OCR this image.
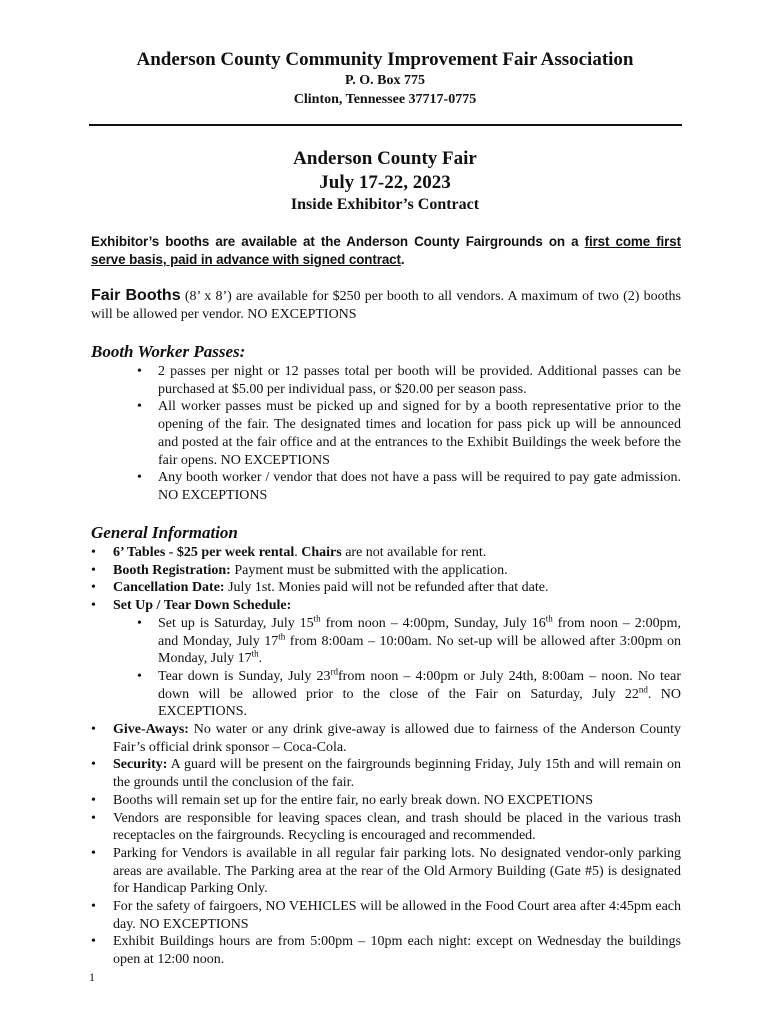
Anderson County Community Improvement Fair Association
P. O. Box 775
Clinton, Tennessee 37717-0775
Anderson County Fair
July 17-22, 2023
Inside Exhibitor’s Contract
Exhibitor’s booths are available at the Anderson County Fairgrounds on a first come first serve basis, paid in advance with signed contract.
Fair Booths (8’ x 8’) are available for $250 per booth to all vendors. A maximum of two (2) booths will be allowed per vendor. NO EXCEPTIONS
Booth Worker Passes:
• 2 passes per night or 12 passes total per booth will be provided. Additional passes can be purchased at $5.00 per individual pass, or $20.00 per season pass.
• All worker passes must be picked up and signed for by a booth representative prior to the opening of the fair. The designated times and location for pass pick up will be announced and posted at the fair office and at the entrances to the Exhibit Buildings the week before the fair opens. NO EXCEPTIONS
• Any booth worker / vendor that does not have a pass will be required to pay gate admission. NO EXCEPTIONS
General Information
• 6’ Tables - $25 per week rental. Chairs are not available for rent.
• Booth Registration: Payment must be submitted with the application.
• Cancellation Date: July 1st. Monies paid will not be refunded after that date.
• Set Up / Tear Down Schedule:
• Set up is Saturday, July 15th from noon – 4:00pm, Sunday, July 16th from noon – 2:00pm, and Monday, July 17th from 8:00am – 10:00am. No set-up will be allowed after 3:00pm on Monday, July 17th.
• Tear down is Sunday, July 23rdfrom noon – 4:00pm or July 24th, 8:00am – noon. No tear down will be allowed prior to the close of the Fair on Saturday, July 22nd. NO EXCEPTIONS.
• Give-Aways: No water or any drink give-away is allowed due to fairness of the Anderson County Fair’s official drink sponsor – Coca-Cola.
• Security: A guard will be present on the fairgrounds beginning Friday, July 15th and will remain on the grounds until the conclusion of the fair.
• Booths will remain set up for the entire fair, no early break down. NO EXCPETIONS
• Vendors are responsible for leaving spaces clean, and trash should be placed in the various trash receptacles on the fairgrounds. Recycling is encouraged and recommended.
• Parking for Vendors is available in all regular fair parking lots. No designated vendor-only parking areas are available. The Parking area at the rear of the Old Armory Building (Gate #5) is designated for Handicap Parking Only.
• For the safety of fairgoers, NO VEHICLES will be allowed in the Food Court area after 4:45pm each day. NO EXCEPTIONS
• Exhibit Buildings hours are from 5:00pm – 10pm each night: except on Wednesday the buildings open at 12:00 noon.
1
